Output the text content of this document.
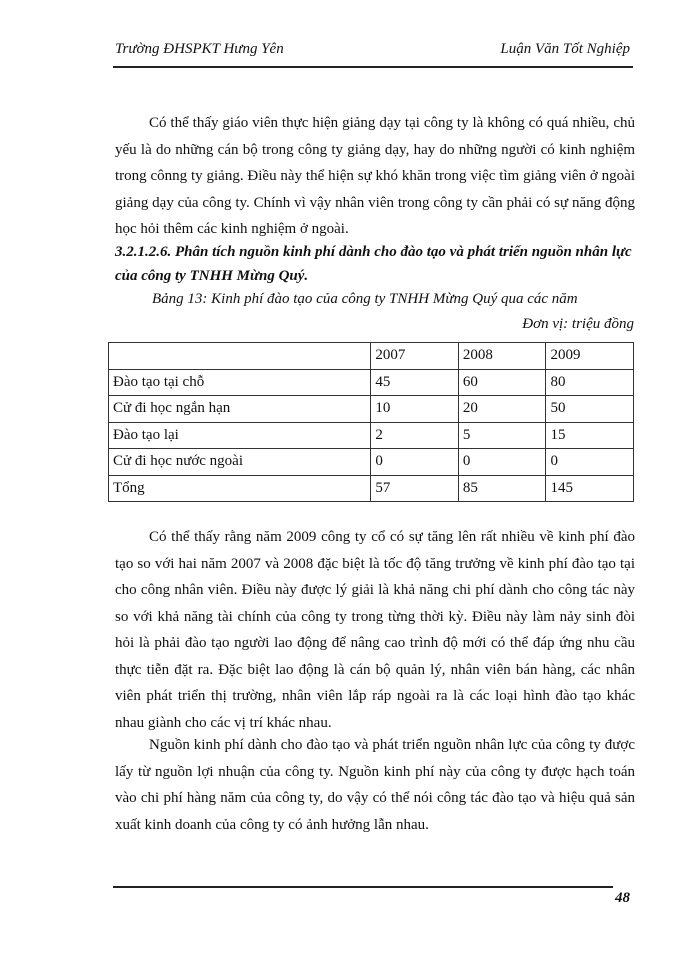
Trường ĐHSPKT Hưng Yên	Luận Văn Tốt Nghiệp

Có thể thấy giáo viên thực hiện giảng dạy tại công ty là không có quá nhiều, chủ yếu là do những cán bộ trong công ty giảng dạy, hay do những người có kinh nghiệm trong cônng ty giảng. Điều này thể hiện sự khó khăn trong việc tìm giảng viên ở ngoài giảng dạy của công ty. Chính vì vậy nhân viên trong công ty cần phải có sự năng động học hỏi thêm các kinh nghiệm ở ngoài.

3.2.1.2.6. Phân tích nguồn kinh phí dành cho đào tạo và phát triển nguồn nhân lực của công ty TNHH Mừng Quý.

Bảng 13: Kinh phí đào tạo của công ty TNHH Mừng Quý qua các năm
Đơn vị: triệu đồng
	2007	2008	2009
Đào tạo tại chỗ	45	60	80
Cử đi học ngắn hạn	10	20	50
Đào tạo lại	2	5	15
Cử đi học nước ngoài	0	0	0
Tổng	57	85	145

Có thể thấy rằng năm 2009 công ty cổ có sự tăng lên rất nhiều về kinh phí đào tạo so với hai năm 2007 và 2008 đặc biệt là tốc độ tăng trưởng về kinh phí đào tạo tại cho công nhân viên. Điều này được lý giải là khả năng chi phí dành cho công tác này so với khả năng tài chính của công ty trong từng thời kỳ. Điều này làm nảy sinh đòi hỏi là phải đào tạo người lao động để nâng cao trình độ mới có thể đáp ứng nhu cầu thực tiễn đặt ra. Đặc biệt lao động là cán bộ quản lý, nhân viên bán hàng, các nhân viên phát triển thị trường, nhân viên lắp ráp ngoài ra là các loại hình đào tạo khác nhau giành cho các vị trí khác nhau.

Nguồn kinh phí dành cho đào tạo và phát triển nguồn nhân lực của công ty được lấy từ nguồn lợi nhuận của công ty. Nguồn kinh phí này của công ty được hạch toán vào chi phí hàng năm của công ty, do vậy có thể nói công tác đào tạo và hiệu quả sản xuất kinh doanh của công ty có ảnh hưởng lẫn nhau.

48
